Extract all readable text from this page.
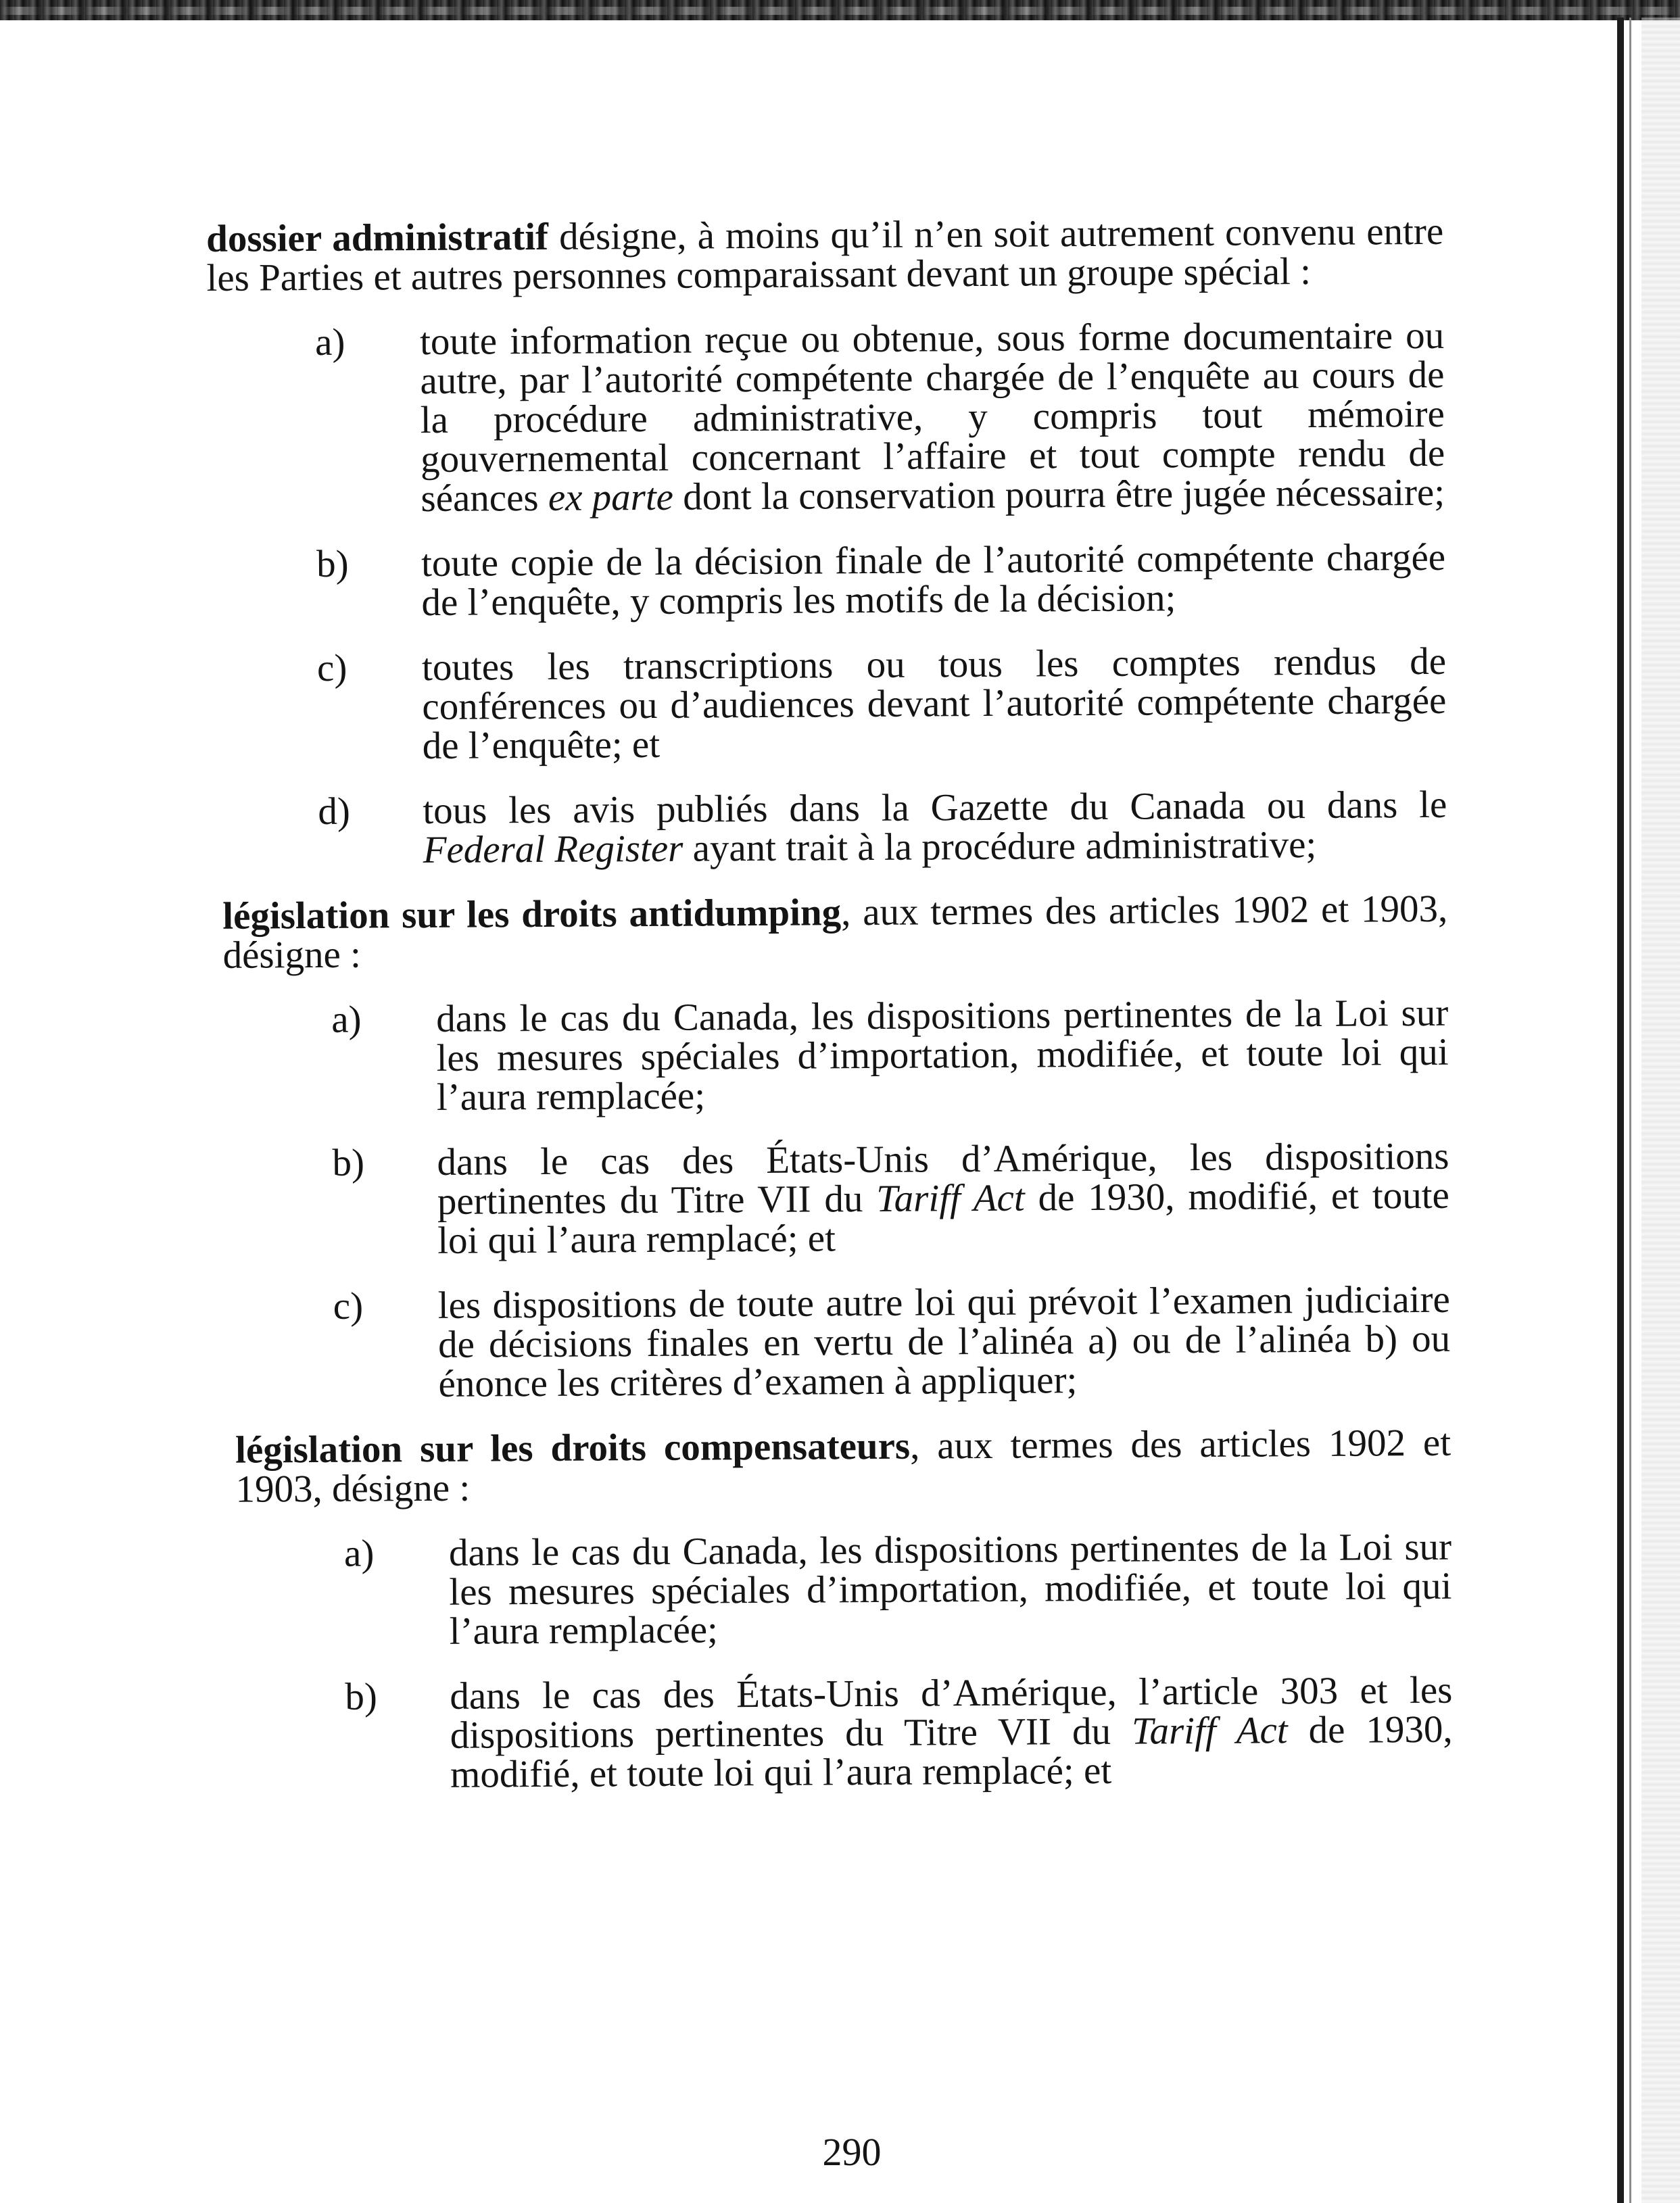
dossier administratif désigne, à moins qu’il n’en soit autrement convenu entre les Parties et autres personnes comparaissant devant un groupe spécial :

a)	toute information reçue ou obtenue, sous forme documentaire ou autre, par l’autorité compétente chargée de l’enquête au cours de la procédure administrative, y compris tout mémoire gouvernemental concernant l’affaire et tout compte rendu de séances ex parte dont la conservation pourra être jugée nécessaire;
b)	toute copie de la décision finale de l’autorité compétente chargée de l’enquête, y compris les motifs de la décision;
c)	toutes les transcriptions ou tous les comptes rendus de conférences ou d’audiences devant l’autorité compétente chargée de l’enquête; et
d)	tous les avis publiés dans la Gazette du Canada ou dans le Federal Register ayant trait à la procédure administrative;

législation sur les droits antidumping, aux termes des articles 1902 et 1903, désigne :

a)	dans le cas du Canada, les dispositions pertinentes de la Loi sur les mesures spéciales d’importation, modifiée, et toute loi qui l’aura remplacée;
b)	dans le cas des États-Unis d’Amérique, les dispositions pertinentes du Titre VII du Tariff Act de 1930, modifié, et toute loi qui l’aura remplacé; et
c)	les dispositions de toute autre loi qui prévoit l’examen judiciaire de décisions finales en vertu de l’alinéa a) ou de l’alinéa b) ou énonce les critères d’examen à appliquer;

législation sur les droits compensateurs, aux termes des articles 1902 et 1903, désigne :

a)	dans le cas du Canada, les dispositions pertinentes de la Loi sur les mesures spéciales d’importation, modifiée, et toute loi qui l’aura remplacée;
b)	dans le cas des États-Unis d’Amérique, l’article 303 et les dispositions pertinentes du Titre VII du Tariff Act de 1930, modifié, et toute loi qui l’aura remplacé; et
290
